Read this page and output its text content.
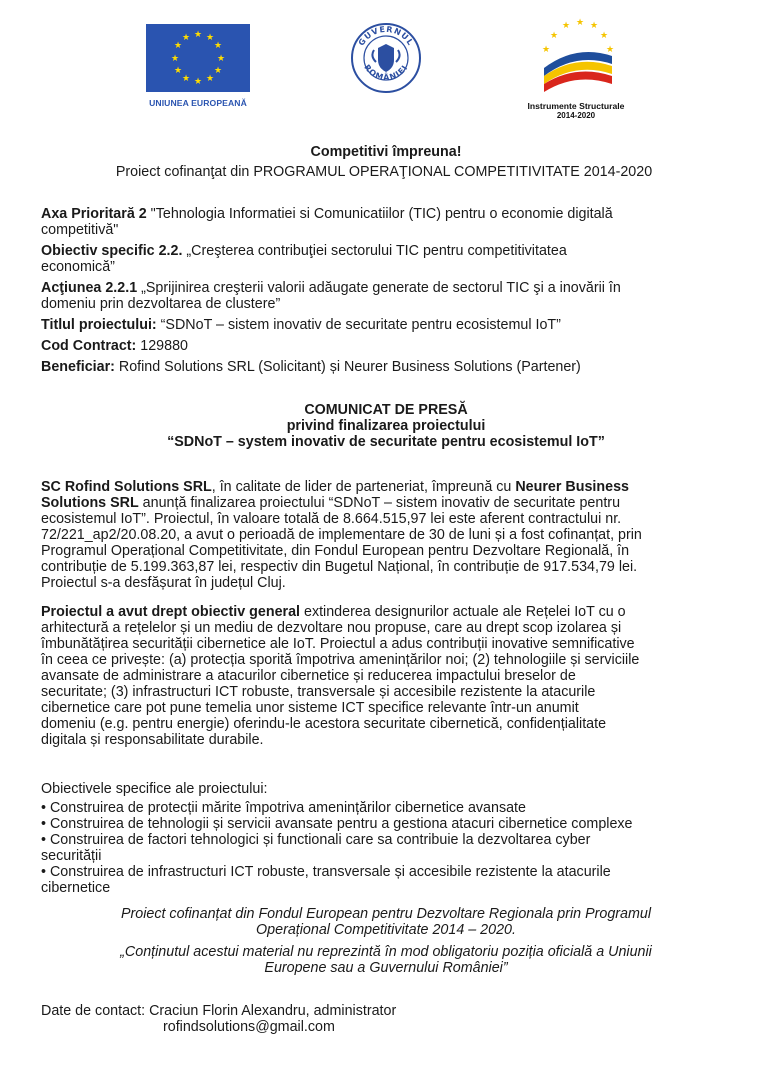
★ ★
★
★
★
★
★
★
★
★
★
★
UNIUNEA EUROPEANĂ
GUVERNUL
ROMÂNIEI
★
★ ★ ★
★
★	★
Instrumente Structurale
2014-2020
Competitivi împreuna!
Proiect cofinanţat din PROGRAMUL OPERAŢIONAL COMPETITIVITATE 2014-2020
Axa Prioritară 2 "Tehnologia Informatiei si Comunicatiilor (TIC) pentru o economie digitală
competitivă"
Obiectiv specific 2.2. „Creşterea contribuţiei sectorului TIC pentru competitivitatea
economică”
Acţiunea 2.2.1 „Sprijinirea creşterii valorii adăugate generate de sectorul TIC şi a inovării în
domeniu prin dezvoltarea de clustere”
Titlul proiectului: “SDNoT – sistem inovativ de securitate pentru ecosistemul IoT”
Cod Contract: 129880
Beneficiar: Rofind Solutions SRL (Solicitant) și Neurer Business Solutions (Partener)
COMUNICAT DE PRESĂ
privind finalizarea proiectului
“SDNoT – system inovativ de securitate pentru ecosistemul IoT”
SC Rofind Solutions SRL, în calitate de lider de parteneriat, împreună cu Neurer Business
Solutions SRL anunță finalizarea proiectului “SDNoT – sistem inovativ de securitate pentru
ecosistemul IoT”. Proiectul, în valoare totală de 8.664.515,97 lei este aferent contractului nr.
72/221_ap2/20.08.20, a avut o perioadă de implementare de 30 de luni și a fost cofinanțat, prin
Programul Operațional Competitivitate, din Fondul European pentru Dezvoltare Regională, în
contribuție de 5.199.363,87 lei, respectiv din Bugetul Național, în contribuție de 917.534,79 lei.
Proiectul s-a desfășurat în județul Cluj.
Proiectul a avut drept obiectiv general extinderea designurilor actuale ale Rețelei IoT cu o
arhitectură a rețelelor și un mediu de dezvoltare nou propuse, care au drept scop izolarea și
îmbunătățirea securității cibernetice ale IoT. Proiectul a adus contribuții inovative semnificative
în ceea ce privește: (a) protecția sporită împotriva amenințărilor noi; (2) tehnologiile și serviciile
avansate de administrare a atacurilor cibernetice și reducerea impactului breselor de
securitate; (3) infrastructuri ICT robuste, transversale și accesibile rezistente la atacurile
cibernetice care pot pune temelia unor sisteme ICT specifice relevante într-un anumit
domeniu (e.g. pentru energie) oferindu-le acestora securitate cibernetică, confidențialitate
digitala și responsabilitate durabile.
Obiectivele specifice ale proiectului:
• Construirea de protecții mărite împotriva amenințărilor cibernetice avansate
• Construirea de tehnologii și servicii avansate pentru a gestiona atacuri cibernetice complexe
• Construirea de factori tehnologici și functionali care sa contribuie la dezvoltarea cyber
securității
• Construirea de infrastructuri ICT robuste, transversale și accesibile rezistente la atacurile
cibernetice
Proiect cofinanțat din Fondul European pentru Dezvoltare Regionala prin Programul
Operațional Competitivitate 2014 – 2020.
„Conținutul acestui material nu reprezintă în mod obligatoriu poziția oficială a Uniunii
Europene sau a Guvernului României”
Date de contact: Craciun Florin Alexandru, administrator
rofindsolutions@gmail.com
